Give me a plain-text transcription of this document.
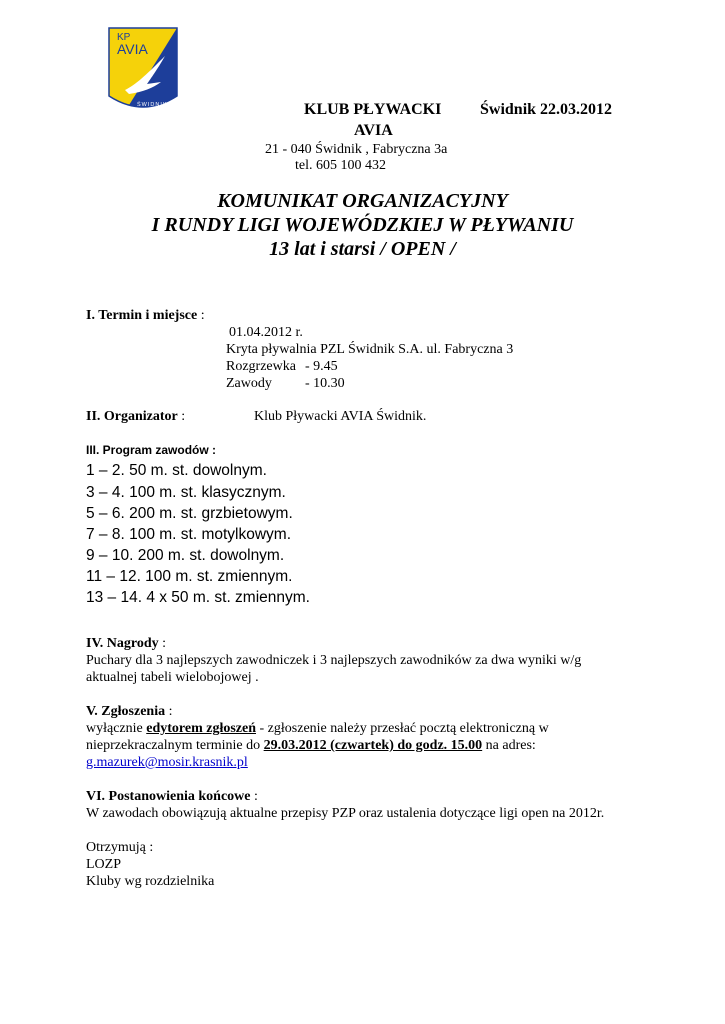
KP
AVIA
ŚWIDNIK	KLUB PŁYWACKI
AVIA
Świdnik 22.03.2012
21 - 040 Świdnik , Fabryczna 3a
tel. 605 100 432
KOMUNIKAT ORGANIZACYJNY
I RUNDY LIGI WOJEWÓDZKIEJ W PŁYWANIU
13 lat i starsi / OPEN /
I. Termin i miejsce :
01.04.2012 r.
Kryta pływalnia PZL Świdnik S.A. ul. Fabryczna 3
Rozgrzewka - 9.45
Zawody - 10.30
II. Organizator :	Klub Pływacki AVIA Świdnik.
III. Program zawodów :
1 – 2. 50 m. st. dowolnym.
3 – 4. 100 m. st. klasycznym.
5 – 6. 200 m. st. grzbietowym.
7 – 8. 100 m. st. motylkowym.
9 – 10. 200 m. st. dowolnym.
11 – 12. 100 m. st. zmiennym.
13 – 14. 4 x 50 m. st. zmiennym.
IV. Nagrody :
Puchary dla 3 najlepszych zawodniczek i 3 najlepszych zawodników za dwa wyniki w/g
aktualnej tabeli wielobojowej .
V. Zgłoszenia :
wyłącznie edytorem zgłoszeń - zgłoszenie należy przesłać pocztą elektroniczną w
nieprzekraczalnym terminie do 29.03.2012 (czwartek) do godz. 15.00 na adres:
g.mazurek@mosir.krasnik.pl
VI. Postanowienia końcowe :
W zawodach obowiązują aktualne przepisy PZP oraz ustalenia dotyczące ligi open na 2012r.
Otrzymują :
LOZP
Kluby wg rozdzielnika
